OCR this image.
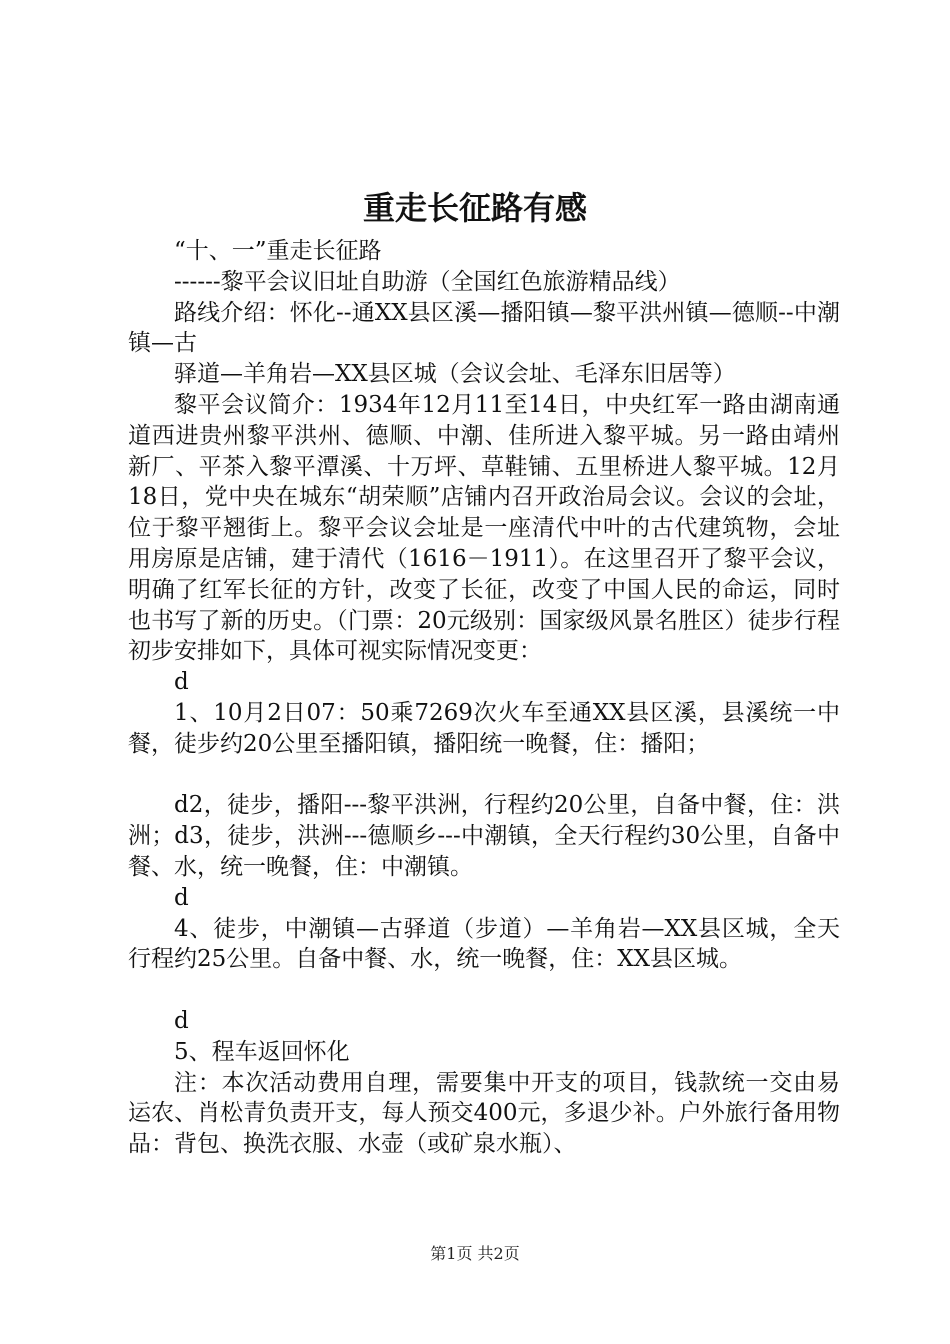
重走长征路有感

“十、一”重走长征路

------黎平会议旧址自助游（全国红色旅游精品线）

路线介绍：怀化--通XX县区溪—播阳镇—黎平洪州镇—德顺--中潮镇—古

驿道—羊角岩—XX县区城（会议会址、毛泽东旧居等）

黎平会议简介：1934年12月11至14日，中央红军一路由湖南通道西进贵州黎平洪州、德顺、中潮、佳所进入黎平城。另一路由靖州新厂、平茶入黎平潭溪、十万坪、草鞋铺、五里桥进人黎平城。12月18日，党中央在城东“胡荣顺”店铺内召开政治局会议。会议的会址，位于黎平翘街上。黎平会议会址是一座清代中叶的古代建筑物，会址用房原是店铺，建于清代（1616－1911）。在这里召开了黎平会议，明确了红军长征的方针，改变了长征，改变了中国人民的命运，同时也书写了新的历史。（门票：20元级别：国家级风景名胜区）徒步行程初步安排如下，具体可视实际情况变更：

d

1、10月2日07：50乘7269次火车至通XX县区溪，县溪统一中餐，徒步约20公里至播阳镇，播阳统一晚餐，住：播阳；

d2，徒步，播阳---黎平洪洲，行程约20公里，自备中餐，住：洪洲；d3，徒步，洪洲---德顺乡---中潮镇，全天行程约30公里，自备中餐、水，统一晚餐，住：中潮镇。

d

4、徒步，中潮镇—古驿道（步道）—羊角岩—XX县区城，全天行程约25公里。自备中餐、水，统一晚餐，住：XX县区城。

d

5、程车返回怀化

注：本次活动费用自理，需要集中开支的项目，钱款统一交由易运农、肖松青负责开支，每人预交400元，多退少补。户外旅行备用物品：背包、换洗衣服、水壶（或矿泉水瓶）、

第1页 共2页
